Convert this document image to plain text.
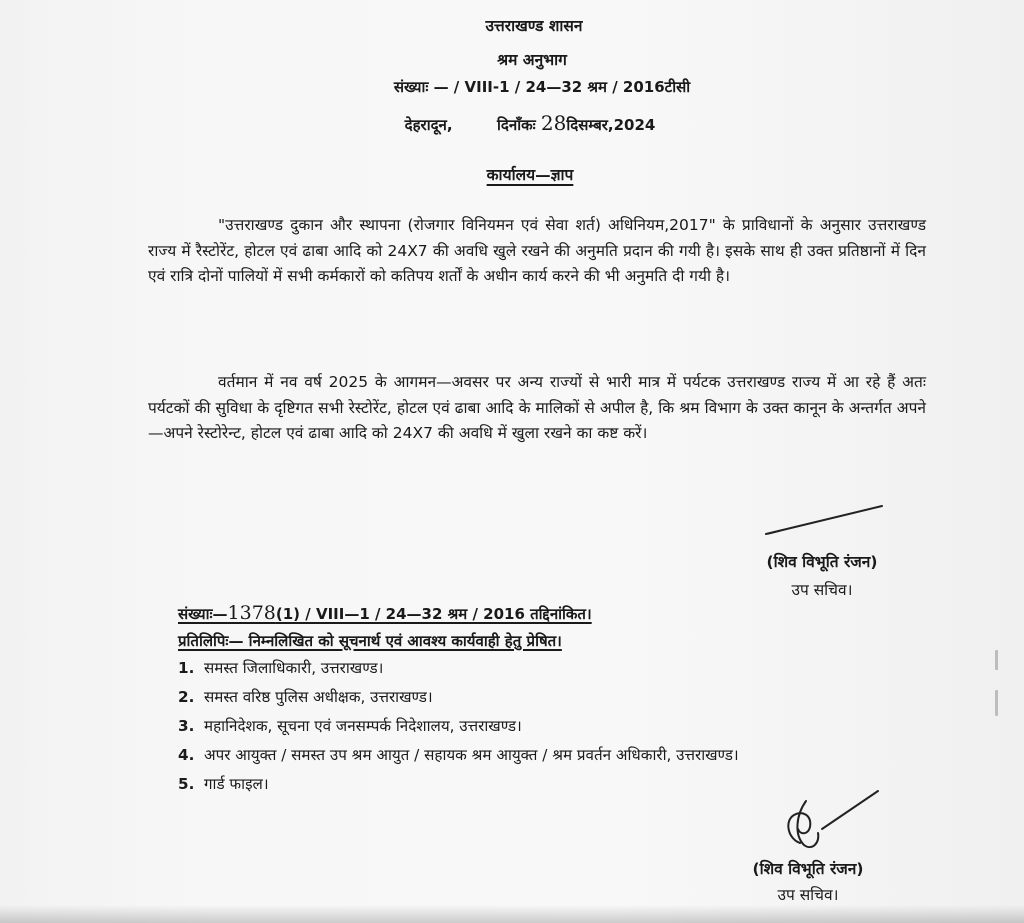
उत्तराखण्ड शासन
श्रम अनुभाग
संख्याः — / VIII-1 / 24—32 श्रम / 2016टीसी
देहरादून,	दिनाँकः 28दिसम्बर,2024
कार्यालय—ज्ञाप
"उत्तराखण्ड दुकान और स्थापना (रोजगार विनियमन एवं सेवा शर्त) अधिनियम,2017" के प्राविधानों के अनुसार उत्तराखण्ड राज्य में रैस्टोरेंट, होटल एवं ढाबा आदि को 24X7 की अवधि खुले रखने की अनुमति प्रदान की गयी है। इसके साथ ही उक्त प्रतिष्ठानों में दिन एवं रात्रि दोनों पालियों में सभी कर्मकारों को कतिपय शर्तों के अधीन कार्य करने की भी अनुमति दी गयी है।
वर्तमान में नव वर्ष 2025 के आगमन—अवसर पर अन्य राज्यों से भारी मात्र में पर्यटक उत्तराखण्ड राज्य में आ रहे हैं अतः पर्यटकों की सुविधा के दृष्टिगत सभी रेस्टोरेंट, होटल एवं ढाबा आदि के मालिकों से अपील है, कि श्रम विभाग के उक्त कानून के अन्तर्गत अपने—अपने रेस्टोरेन्ट, होटल एवं ढाबा आदि को 24X7 की अवधि में खुला रखने का कष्ट करें।
(शिव विभूति रंजन)
उप सचिव।
संख्याः—1378(1) / VIII—1 / 24—32 श्रम / 2016 तद्दिनांकित।
प्रतिलिपिः— निम्नलिखित को सूचनार्थ एवं आवश्य कार्यवाही हेतु प्रेषित।
1. समस्त जिलाधिकारी, उत्तराखण्ड।
2. समस्त वरिष्ठ पुलिस अधीक्षक, उत्तराखण्ड।
3. महानिदेशक, सूचना एवं जनसम्पर्क निदेशालय, उत्तराखण्ड।
4. अपर आयुक्त / समस्त उप श्रम आयुत / सहायक श्रम आयुक्त / श्रम प्रवर्तन अधिकारी, उत्तराखण्ड।
5. गार्ड फाइल।
(शिव विभूति रंजन)
उप सचिव।
